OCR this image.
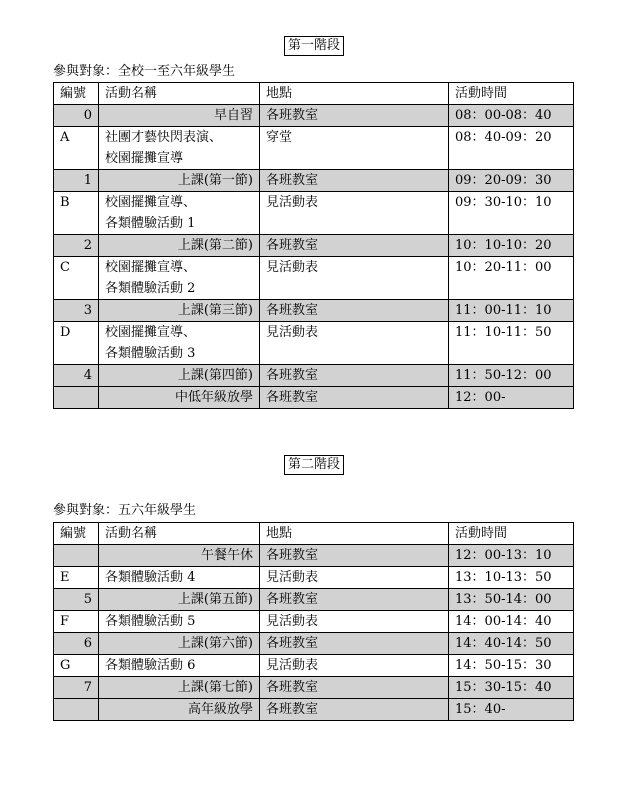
第一階段
參與對象：全校一至六年級學生
編號	活動名稱	地點	活動時間
0	早自習	各班教室	08：00-08：40
A	社團才藝快閃表演、
校園擺攤宣導	穿堂	08：40-09：20
1	上課(第一節)	各班教室	09：20-09：30
B	校園擺攤宣導、
各類體驗活動 1	見活動表	09：30-10：10
2	上課(第二節)	各班教室	10：10-10：20
C	校園擺攤宣導、
各類體驗活動 2	見活動表	10：20-11：00
3	上課(第三節)	各班教室	11：00-11：10
D	校園擺攤宣導、
各類體驗活動 3	見活動表	11：10-11：50
4	上課(第四節)	各班教室	11：50-12：00
	中低年級放學	各班教室	12：00-
第二階段
參與對象：五六年級學生
編號	活動名稱	地點	活動時間
	午餐午休	各班教室	12：00-13：10
E	各類體驗活動 4	見活動表	13：10-13：50
5	上課(第五節)	各班教室	13：50-14：00
F	各類體驗活動 5	見活動表	14：00-14：40
6	上課(第六節)	各班教室	14：40-14：50
G	各類體驗活動 6	見活動表	14：50-15：30
7	上課(第七節)	各班教室	15：30-15：40
	高年級放學	各班教室	15：40-
